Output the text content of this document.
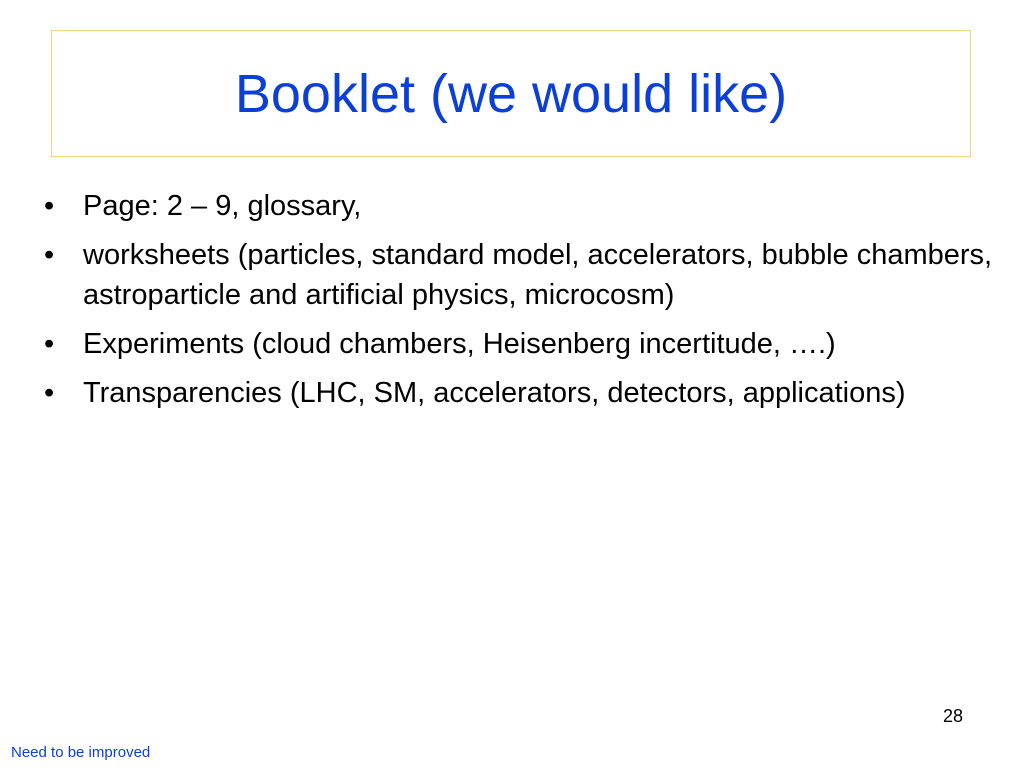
Booklet (we would like)
• Page: 2 – 9, glossary,
• worksheets (particles, standard model, accelerators, bubble chambers, astroparticle and artificial physics, microcosm)
• Experiments (cloud chambers, Heisenberg incertitude, ….)
• Transparencies (LHC, SM, accelerators, detectors, applications)
28
Need to be improved
